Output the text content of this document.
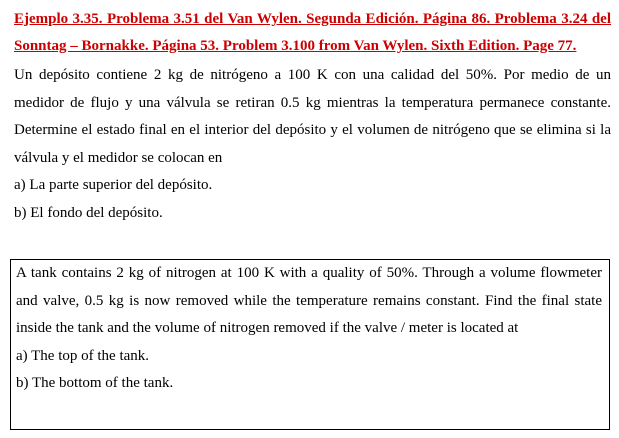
Ejemplo 3.35. Problema 3.51 del Van Wylen. Segunda Edición. Página 86. Problema 3.24 del Sonntag – Bornakke. Página 53. Problem 3.100 from Van Wylen. Sixth Edition. Page 77.

Un depósito contiene 2 kg de nitrógeno a 100 K con una calidad del 50%. Por medio de un medidor de flujo y una válvula se retiran 0.5 kg mientras la temperatura permanece constante. Determine el estado final en el interior del depósito y el volumen de nitrógeno que se elimina si la válvula y el medidor se colocan en

a) La parte superior del depósito.

b) El fondo del depósito.

A tank contains 2 kg of nitrogen at 100 K with a quality of 50%. Through a volume flowmeter and valve, 0.5 kg is now removed while the temperature remains constant. Find the final state inside the tank and the volume of nitrogen removed if the valve / meter is located at

a) The top of the tank.

b) The bottom of the tank.
